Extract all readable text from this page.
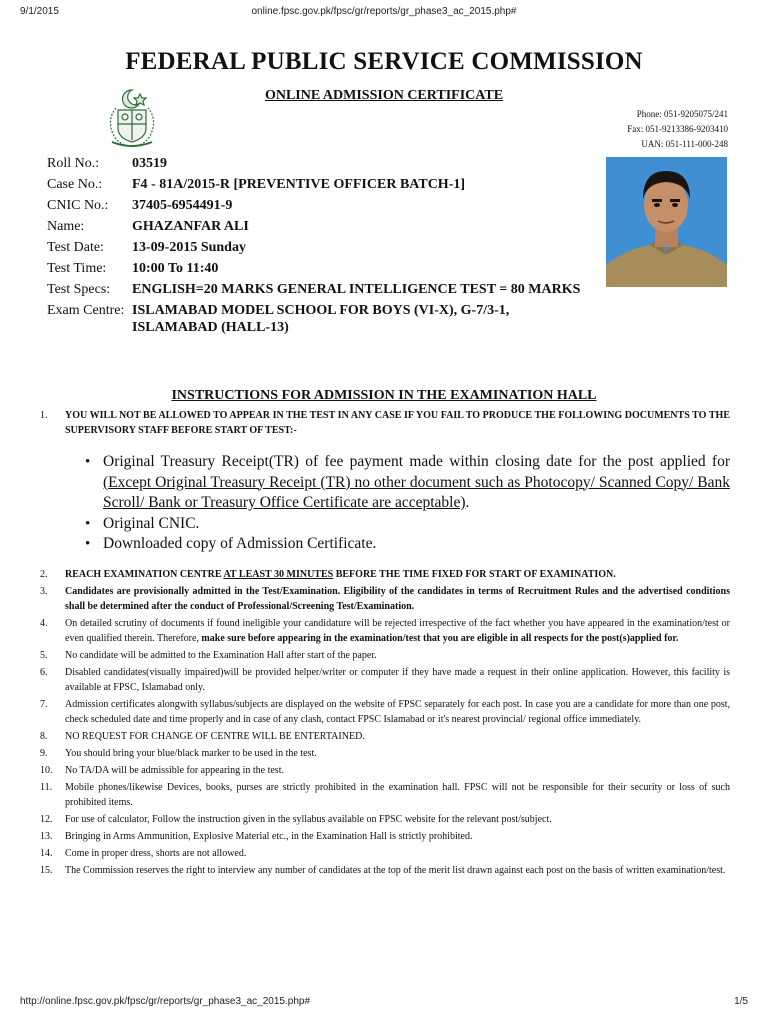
9/1/2015	online.fpsc.gov.pk/fpsc/gr/reports/gr_phase3_ac_2015.php#
FEDERAL PUBLIC SERVICE COMMISSION
ONLINE ADMISSION CERTIFICATE
Phone: 051-9205075/241
Fax: 051-9213386-9203410
UAN: 051-111-000-248
Roll No.:	03519
Case No.:	F4 - 81A/2015-R [PREVENTIVE OFFICER BATCH-1]
CNIC No.:	37405-6954491-9
Name:	GHAZANFAR ALI
Test Date:	13-09-2015 Sunday
Test Time:	10:00 To 11:40
Test Specs:	ENGLISH=20 MARKS GENERAL INTELLIGENCE TEST = 80 MARKS
Exam Centre: ISLAMABAD MODEL SCHOOL FOR BOYS (VI-X), G-7/3-1, ISLAMABAD (HALL-13)
INSTRUCTIONS FOR ADMISSION IN THE EXAMINATION HALL
1.	YOU WILL NOT BE ALLOWED TO APPEAR IN THE TEST IN ANY CASE IF YOU FAIL TO PRODUCE THE FOLLOWING DOCUMENTS TO THE SUPERVISORY STAFF BEFORE START OF TEST:-
• Original Treasury Receipt(TR) of fee payment made within closing date for the post applied for (Except Original Treasury Receipt (TR) no other document such as Photocopy/ Scanned Copy/ Bank Scroll/ Bank or Treasury Office Certificate are acceptable).
• Original CNIC.
• Downloaded copy of Admission Certificate.
2.	REACH EXAMINATION CENTRE AT LEAST 30 MINUTES BEFORE THE TIME FIXED FOR START OF EXAMINATION.
3.	Candidates are provisionally admitted in the Test/Examination. Eligibility of the candidates in terms of Recruitment Rules and the advertised conditions shall be determined after the conduct of Professional/Screening Test/Examination.
4.	On detailed scrutiny of documents if found ineligible your candidature will be rejected irrespective of the fact whether you have appeared in the examination/test or even qualified therein. Therefore, make sure before appearing in the examination/test that you are eligible in all respects for the post(s)applied for.
5.	No candidate will be admitted to the Examination Hall after start of the paper.
6.	Disabled candidates(visually impaired)will be provided helper/writer or computer if they have made a request in their online application. However, this facility is available at FPSC, Islamabad only.
7.	Admission certificates alongwith syllabus/subjects are displayed on the website of FPSC separately for each post. In case you are a candidate for more than one post, check scheduled date and time properly and in case of any clash, contact FPSC Islamabad or it's nearest provincial/ regional office immediately.
8.	NO REQUEST FOR CHANGE OF CENTRE WILL BE ENTERTAINED.
9.	You should bring your blue/black marker to be used in the test.
10.	No TA/DA will be admissible for appearing in the test.
11.	Mobile phones/likewise Devices, books, purses are strictly prohibited in the examination hall. FPSC will not be responsible for their security or loss of such prohibited items.
12.	For use of calculator, Follow the instruction given in the syllabus available on FPSC website for the relevant post/subject.
13.	Bringing in Arms Ammunition, Explosive Material etc., in the Examination Hall is strictly prohibited.
14.	Come in proper dress, shorts are not allowed.
15.	The Commission reserves the right to interview any number of candidates at the top of the merit list drawn against each post on the basis of written examination/test.
http://online.fpsc.gov.pk/fpsc/gr/reports/gr_phase3_ac_2015.php#	1/5
